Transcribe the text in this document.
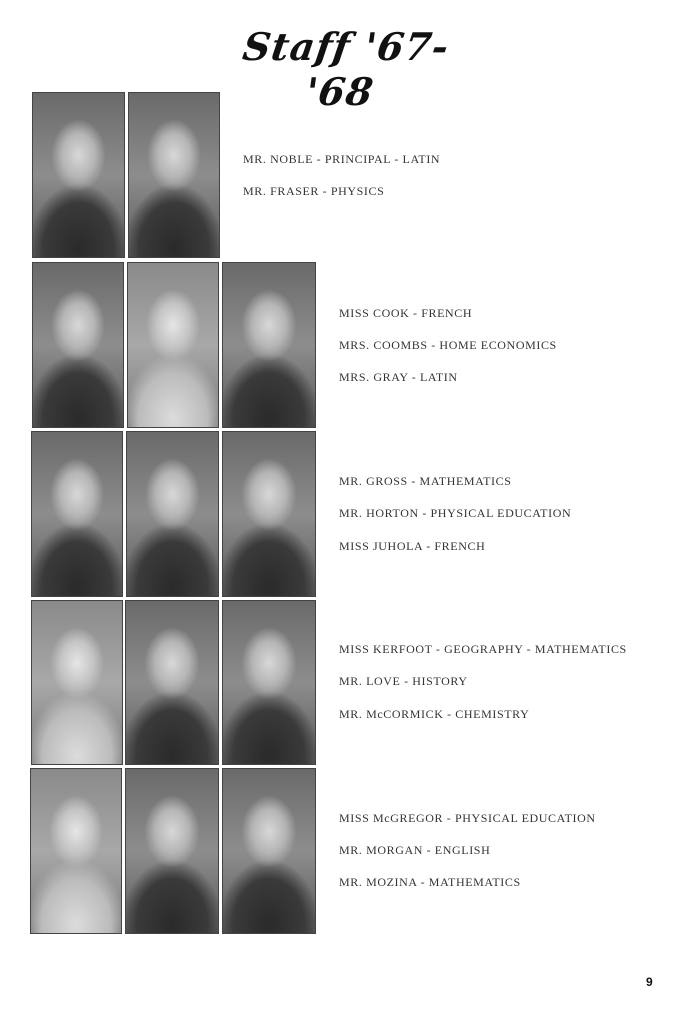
Staff '67-'68
MR. NOBLE - PRINCIPAL - LATIN
MR. FRASER - PHYSICS
MISS COOK - FRENCH
MRS. COOMBS - HOME ECONOMICS
MRS. GRAY - LATIN
MR. GROSS - MATHEMATICS
MR. HORTON - PHYSICAL EDUCATION
MISS JUHOLA - FRENCH
MISS KERFOOT - GEOGRAPHY - MATHEMATICS
MR. LOVE - HISTORY
MR. McCORMICK - CHEMISTRY
MISS McGREGOR - PHYSICAL EDUCATION
MR. MORGAN - ENGLISH
MR. MOZINA - MATHEMATICS
9
